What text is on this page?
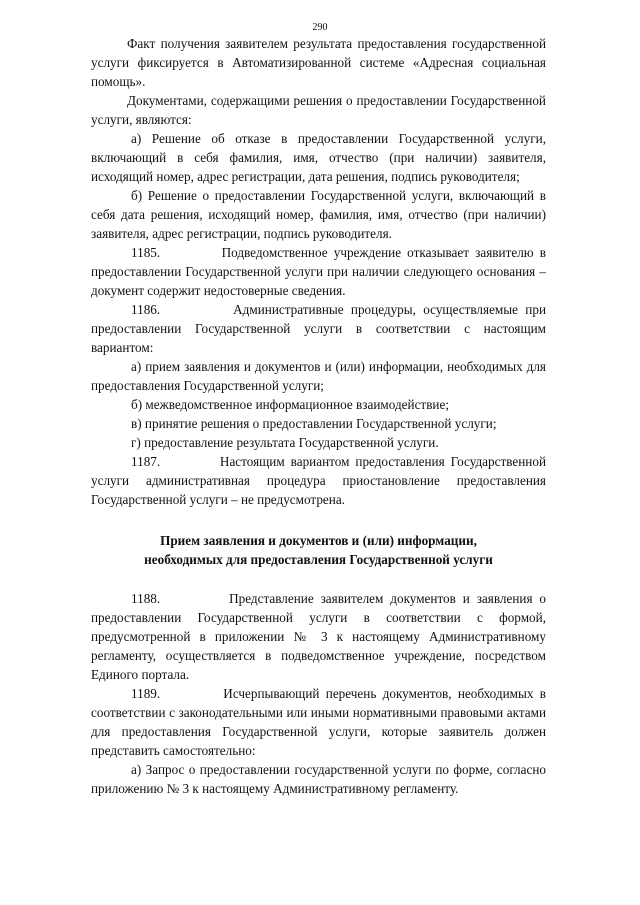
290

Факт получения заявителем результата предоставления государственной услуги фиксируется в Автоматизированной системе «Адресная социальная помощь».

Документами, содержащими решения о предоставлении Государственной услуги, являются:

а) Решение об отказе в предоставлении Государственной услуги, включающий в себя фамилия, имя, отчество (при наличии) заявителя, исходящий номер, адрес регистрации, дата решения, подпись руководителя;

б) Решение о предоставлении Государственной услуги, включающий в себя дата решения, исходящий номер, фамилия, имя, отчество (при наличии) заявителя, адрес регистрации, подпись руководителя.

1185.          Подведомственное учреждение отказывает заявителю в предоставлении Государственной услуги при наличии следующего основания – документ содержит недостоверные сведения.

1186.          Административные процедуры, осуществляемые при предоставлении Государственной услуги в соответствии с настоящим вариантом:

а) прием заявления и документов и (или) информации, необходимых для предоставления Государственной услуги;

б) межведомственное информационное взаимодействие;

в) принятие решения о предоставлении Государственной услуги;

г) предоставление результата Государственной услуги.

1187.          Настоящим вариантом предоставления Государственной услуги административная процедура приостановление предоставления Государственной услуги – не предусмотрена.

Прием заявления и документов и (или) информации,
необходимых для предоставления Государственной услуги

1188.          Представление заявителем документов и заявления о предоставлении Государственной услуги в соответствии с формой, предусмотренной в приложении № 3 к настоящему Административному регламенту, осуществляется в подведомственное учреждение, посредством Единого портала.

1189.          Исчерпывающий перечень документов, необходимых в соответствии с законодательными или иными нормативными правовыми актами для предоставления Государственной услуги, которые заявитель должен представить самостоятельно:

а) Запрос о предоставлении государственной услуги по форме, согласно приложению № 3 к настоящему Административному регламенту.
